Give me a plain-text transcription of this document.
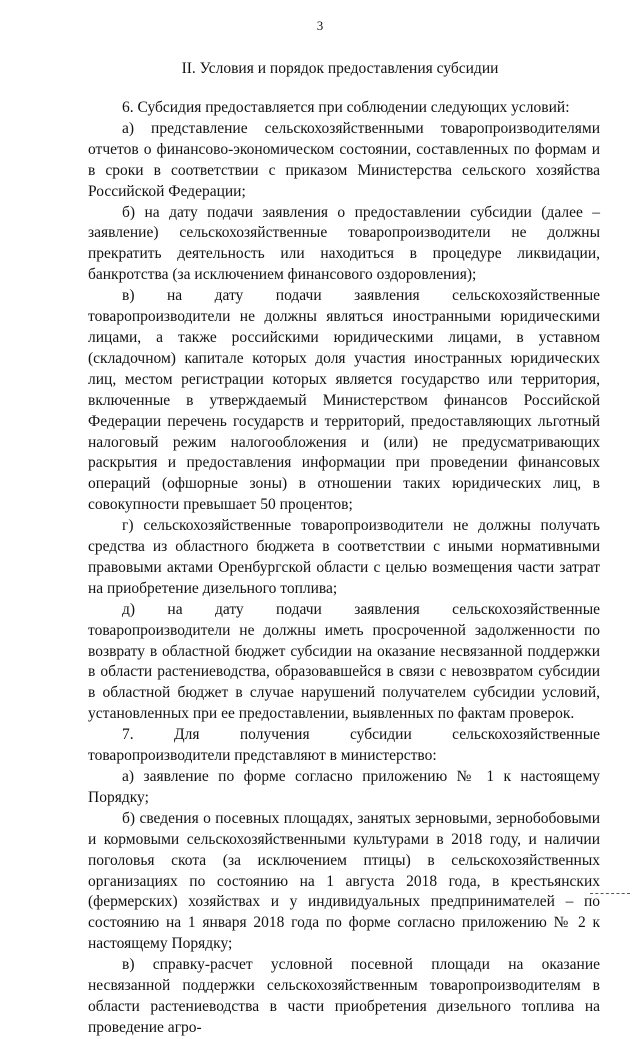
3
II. Условия и порядок предоставления субсидии

6. Субсидия предоставляется при соблюдении следующих условий:

а) представление сельскохозяйственными товаропроизводителями отчетов о финансово-экономическом состоянии, составленных по формам и в сроки в соответствии с приказом Министерства сельского хозяйства Российской Федерации;

б) на дату подачи заявления о предоставлении субсидии (далее – заявление) сельскохозяйственные товаропроизводители не должны прекратить деятельность или находиться в процедуре ликвидации, банкротства (за исключением финансового оздоровления);

в) на дату подачи заявления сельскохозяйственные товаропроизводители не должны являться иностранными юридическими лицами, а также российскими юридическими лицами, в уставном (складочном) капитале которых доля участия иностранных юридических лиц, местом регистрации которых является государство или территория, включенные в утверждаемый Министерством финансов Российской Федерации перечень государств и территорий, предоставляющих льготный налоговый режим налогообложения и (или) не предусматривающих раскрытия и предоставления информации при проведении финансовых операций (офшорные зоны) в отношении таких юридических лиц, в совокупности превышает 50 процентов;

г) сельскохозяйственные товаропроизводители не должны получать средства из областного бюджета в соответствии с иными нормативными правовыми актами Оренбургской области с целью возмещения части затрат на приобретение дизельного топлива;

д) на дату подачи заявления сельскохозяйственные товаропроизводители не должны иметь просроченной задолженности по возврату в областной бюджет субсидии на оказание несвязанной поддержки в области растениеводства, образовавшейся в связи с невозвратом субсидии в областной бюджет в случае нарушений получателем субсидии условий, установленных при ее предоставлении, выявленных по фактам проверок.

7. Для получения субсидии сельскохозяйственные товаропроизводители представляют в министерство:

а) заявление по форме согласно приложению № 1 к настоящему Порядку;

б) сведения о посевных площадях, занятых зерновыми, зернобобовыми и кормовыми сельскохозяйственными культурами в 2018 году, и наличии поголовья скота (за исключением птицы) в сельскохозяйственных организациях по состоянию на 1 августа 2018 года, в крестьянских (фермерских) хозяйствах и у индивидуальных предпринимателей – по состоянию на 1 января 2018 года по форме согласно приложению № 2 к настоящему Порядку;

в) справку-расчет условной посевной площади на оказание несвязанной поддержки сельскохозяйственным товаропроизводителям в области растениеводства в части приобретения дизельного топлива на проведение агро-
